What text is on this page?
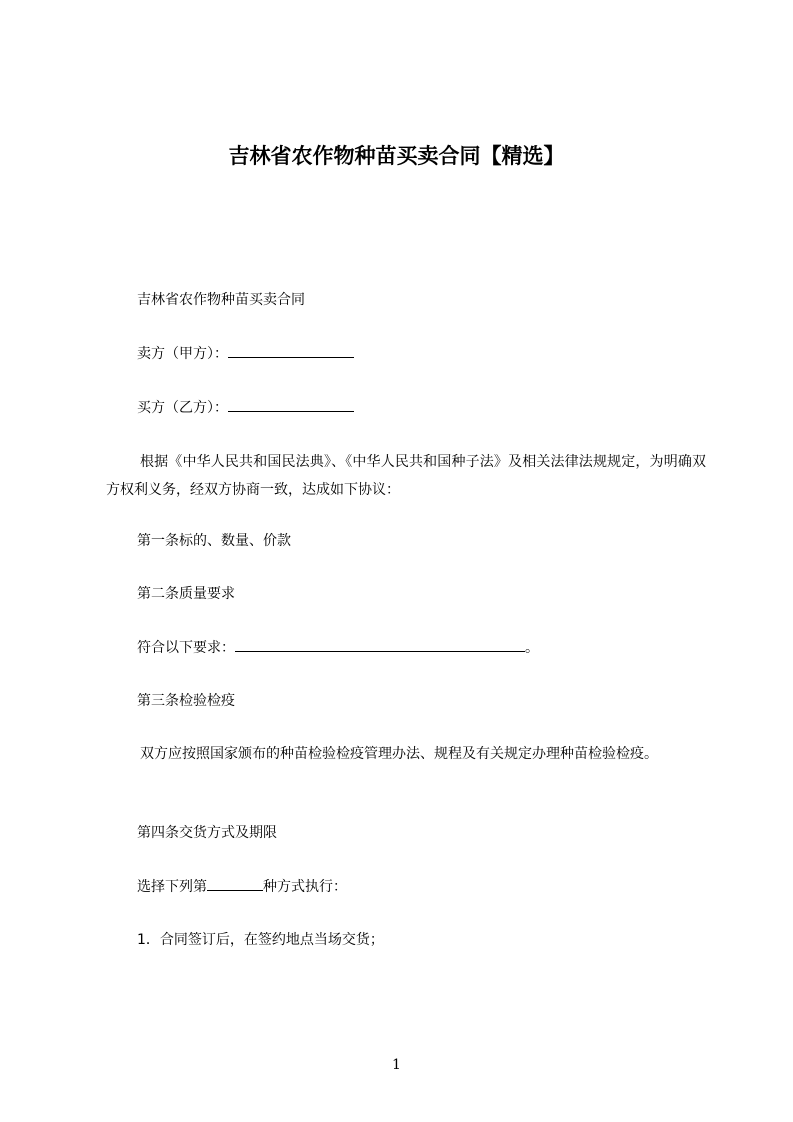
吉林省农作物种苗买卖合同【精选】
吉林省农作物种苗买卖合同
卖方（甲方）：
买方（乙方）：
根据《中华人民共和国民法典》、《中华人民共和国种子法》及相关法律法规规定，为明确双方权利义务，经双方协商一致，达成如下协议：
第一条标的、数量、价款
第二条质量要求
符合以下要求：	。
第三条检验检疫
双方应按照国家颁布的种苗检验检疫管理办法、规程及有关规定办理种苗检验检疫。
第四条交货方式及期限
选择下列第	种方式执行：
1．合同签订后，在签约地点当场交货；
1
